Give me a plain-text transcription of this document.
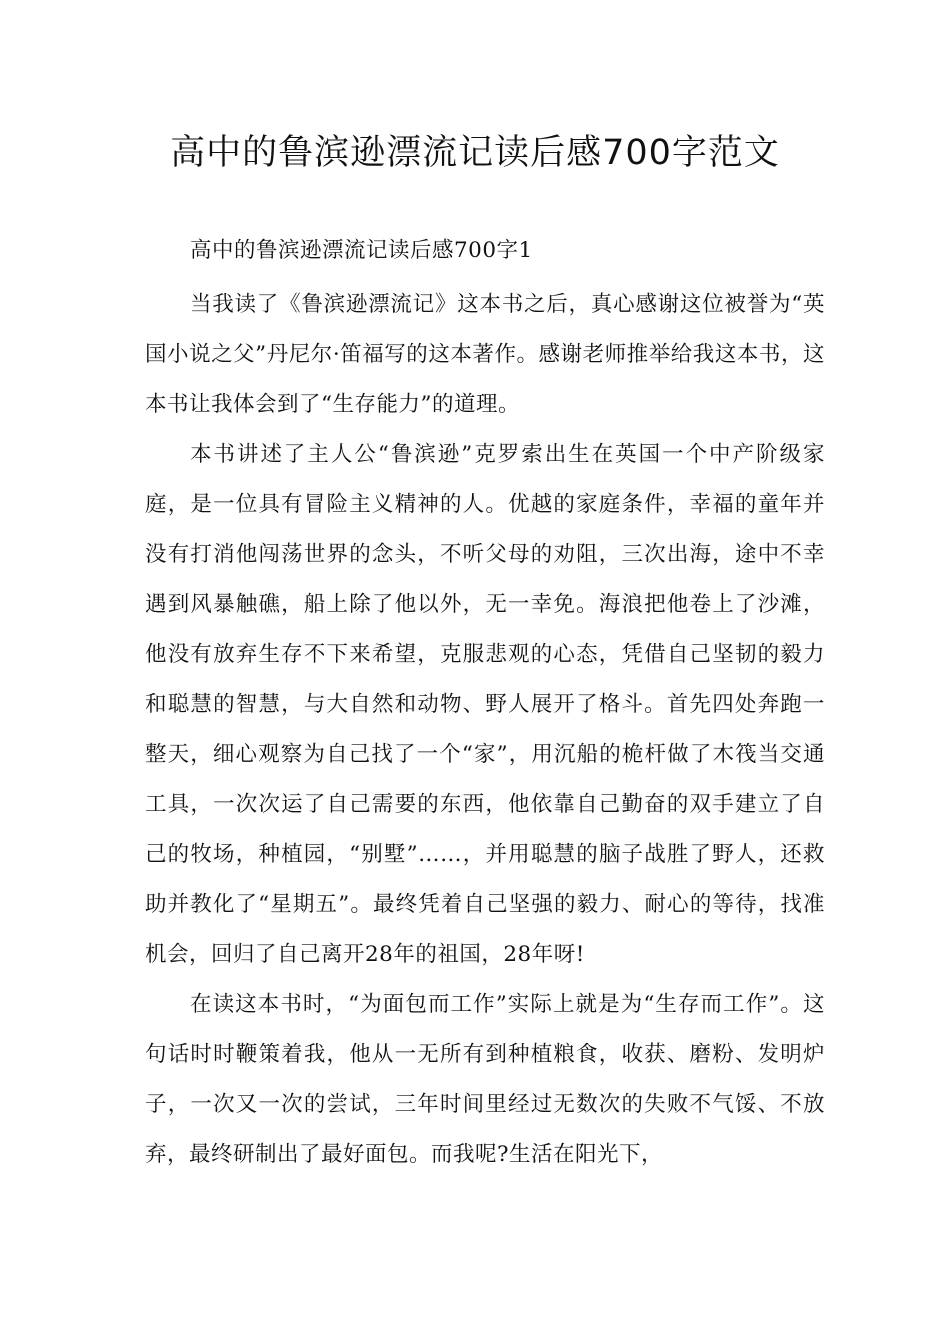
高中的鲁滨逊漂流记读后感700字范文

高中的鲁滨逊漂流记读后感700字1

当我读了《鲁滨逊漂流记》这本书之后，真心感谢这位被誉为“英国小说之父”丹尼尔·笛福写的这本著作。感谢老师推举给我这本书，这本书让我体会到了“生存能力”的道理。

本书讲述了主人公“鲁滨逊”克罗索出生在英国一个中产阶级家庭，是一位具有冒险主义精神的人。优越的家庭条件，幸福的童年并没有打消他闯荡世界的念头，不听父母的劝阻，三次出海，途中不幸遇到风暴触礁，船上除了他以外，无一幸免。海浪把他卷上了沙滩，他没有放弃生存不下来希望，克服悲观的心态，凭借自己坚韧的毅力和聪慧的智慧，与大自然和动物、野人展开了格斗。首先四处奔跑一整天，细心观察为自己找了一个“家”，用沉船的桅杆做了木筏当交通工具，一次次运了自己需要的东西，他依靠自己勤奋的双手建立了自己的牧场，种植园，“别墅”……，并用聪慧的脑子战胜了野人，还救助并教化了“星期五”。最终凭着自己坚强的毅力、耐心的等待，找准机会，回归了自己离开28年的祖国，28年呀!

在读这本书时，“为面包而工作”实际上就是为“生存而工作”。这句话时时鞭策着我，他从一无所有到种植粮食，收获、磨粉、发明炉子，一次又一次的尝试，三年时间里经过无数次的失败不气馁、不放弃，最终研制出了最好面包。而我呢?生活在阳光下，
